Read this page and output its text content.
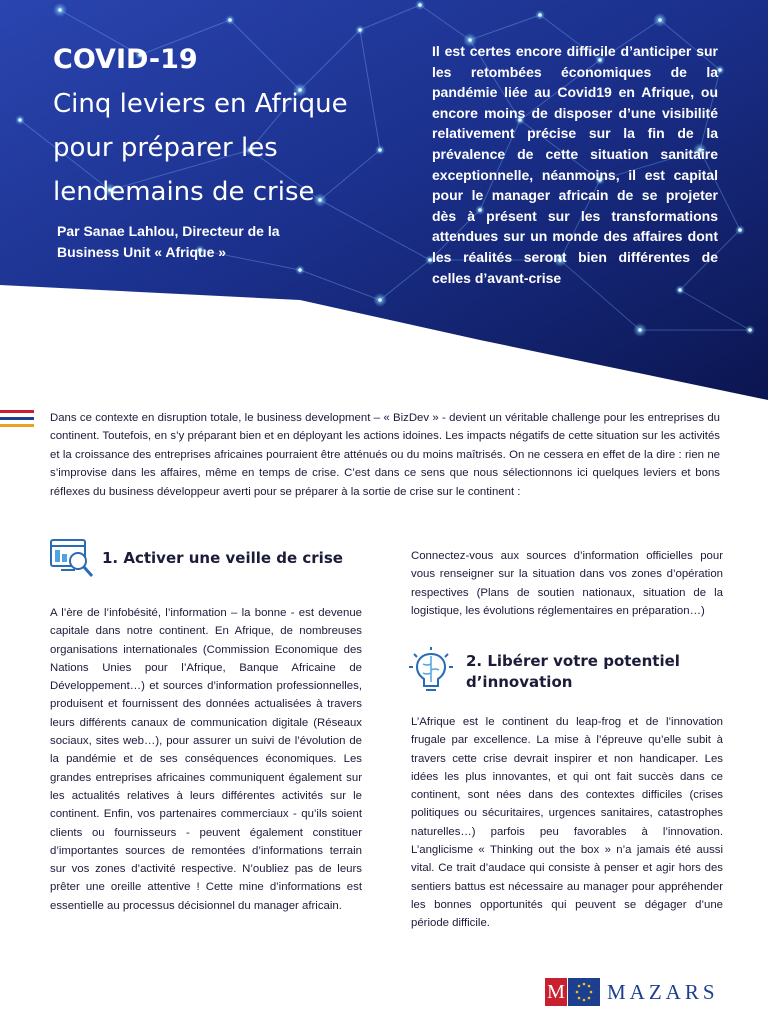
COVID-19
Cinq leviers en Afrique pour préparer les lendemains de crise
Par Sanae Lahlou, Directeur de la Business Unit « Afrique »
Il est certes encore difficile d’anticiper sur les retombées économiques de la pandémie liée au Covid19 en Afrique, ou encore moins de disposer d’une visibilité relativement précise sur la fin de la prévalence de cette situation sanitaire exceptionnelle, néanmoins, il est capital pour le manager africain de se projeter dès à présent sur les transformations attendues sur un monde des affaires dont les réalités seront bien différentes de celles d’avant-crise
Dans ce contexte en disruption totale, le business development – « BizDev » - devient un véritable challenge pour les entreprises du continent. Toutefois, en s’y préparant bien et en déployant les actions idoines. Les impacts négatifs de cette situation sur les activités et la croissance des entreprises africaines pourraient être atténués ou du moins maîtrisés. On ne cessera en effet de la dire : rien ne s’improvise dans les affaires, même en temps de crise. C’est dans ce sens que nous sélectionnons ici quelques leviers et bons réflexes du business développeur averti pour se préparer à la sortie de crise sur le continent :
1. Activer une veille de crise
A l’ère de l’infobésité, l’information – la bonne - est devenue capitale dans notre continent. En Afrique, de nombreuses organisations internationales (Commission Economique des Nations Unies pour l’Afrique, Banque Africaine de Développement…) et sources d’information professionnelles, produisent et fournissent des données actualisées à travers leurs différents canaux de communication digitale (Réseaux sociaux, sites web…), pour assurer un suivi de l’évolution de la pandémie et de ses conséquences économiques. Les grandes entreprises africaines communiquent également sur les actualités relatives à leurs différentes activités sur le continent. Enfin, vos partenaires commerciaux - qu’ils soient clients ou fournisseurs - peuvent également constituer d’importantes sources de remontées d’informations terrain sur vos zones d’activité respective. N’oubliez pas de leurs prêter une oreille attentive ! Cette mine d’informations est essentielle au processus décisionnel du manager africain.
Connectez-vous aux sources d’information officielles pour vous renseigner sur la situation dans vos zones d’opération respectives (Plans de soutien nationaux, situation de la logistique, les évolutions réglementaires en préparation…)
2. Libérer votre potentiel
d’innovation
L’Afrique est le continent du leap-frog et de l’innovation frugale par excellence. La mise à l’épreuve qu’elle subit à travers cette crise devrait inspirer et non handicaper. Les idées les plus innovantes, et qui ont fait succès dans ce continent, sont nées dans des contextes difficiles (crises politiques ou sécuritaires, urgences sanitaires, catastrophes naturelles…) parfois peu favorables à l’innovation. L’anglicisme « Thinking out the box » n’a jamais été aussi vital. Ce trait d’audace qui consiste à penser et agir hors des sentiers battus est nécessaire au manager pour appréhender les bonnes opportunités qui peuvent se dégager d’une période difficile.
M MAZARS
